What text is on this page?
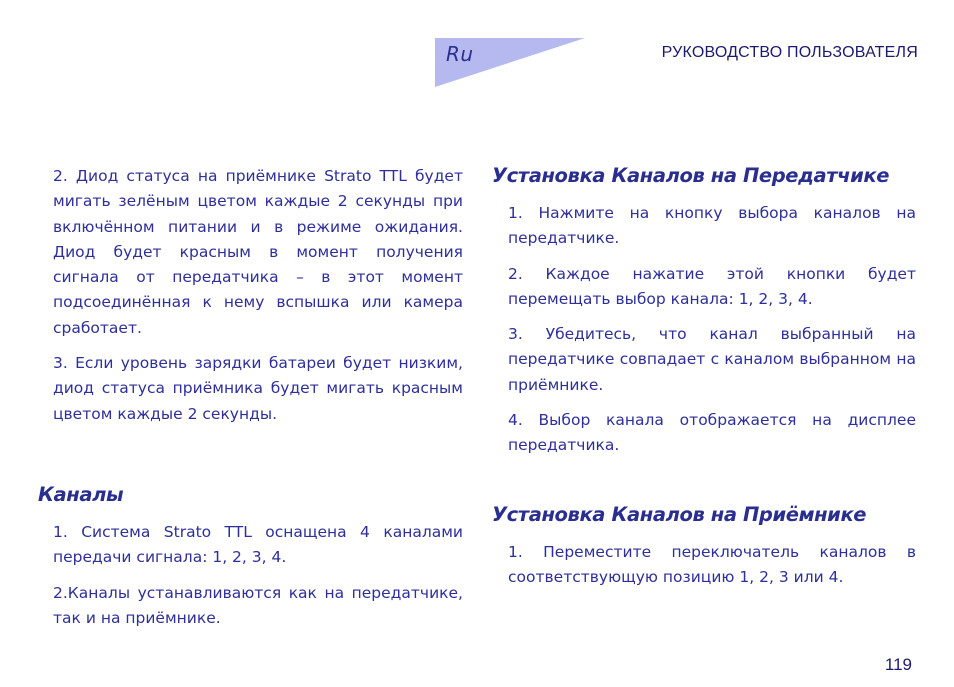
Ru	РУКОВОДСТВО ПОЛЬЗОВАТЕЛЯ

2. Диод статуса на приёмнике Strato TTL будет мигать зелёным цветом каждые 2 секунды при включённом питании и в режиме ожидания. Диод будет красным в момент получения сигнала от передатчика – в этот момент подсоединённая к нему вспышка или камера сработает.

3. Если уровень зарядки батареи будет низким, диод статуса приёмника будет мигать красным цветом каждые 2 секунды.

Каналы

1. Система Strato TTL оснащена 4 каналами передачи сигнала: 1, 2, 3, 4.

2.Каналы устанавливаются как на передатчике, так и на приёмнике.

Установка Каналов на Передатчике

1. Нажмите на кнопку выбора каналов на передатчике.

2. Каждое нажатие этой кнопки будет перемещать выбор канала: 1, 2, 3, 4.

3. Убедитесь, что канал выбранный на передатчике совпадает с каналом выбранном на приёмнике.

4. Выбор канала отображается на дисплее передатчика.

Установка Каналов на Приёмнике

1. Переместите переключатель каналов в соответствующую позицию 1, 2, 3 или 4.

119
